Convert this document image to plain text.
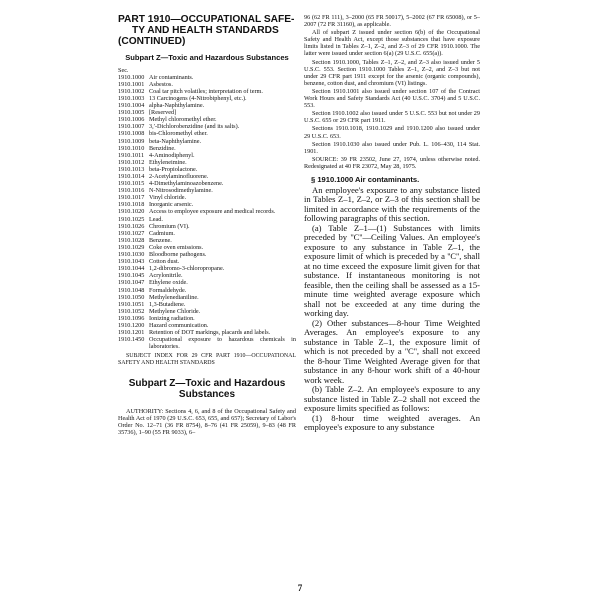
PART 1910—OCCUPATIONAL SAFE-
TY AND HEALTH STANDARDS
(CONTINUED)
Subpart Z—Toxic and Hazardous Substances

Sec.

1910.1000 Air contaminants.
1910.1001 Asbestos.
1910.1002 Coal tar pitch volatiles; interpretation of term.
1910.1003 13 Carcinogens (4-Nitrobiphenyl, etc.).
1910.1004 alpha-Naphthylamine.
1910.1005 [Reserved]
1910.1006 Methyl chloromethyl ether.
1910.1007 3,′-Dichlorobenzidine (and its salts).
1910.1008 bis-Chloromethyl ether.
1910.1009 beta-Naphthylamine.
1910.1010 Benzidine.
1910.1011 4-Aminodiphenyl.
1910.1012 Ethyleneimine.
1910.1013 beta-Propiolactone.
1910.1014 2-Acetylaminofluorene.
1910.1015 4-Dimethylaminoazobenzene.
1910.1016 N-Nitrosodimethylamine.
1910.1017 Vinyl chloride.
1910.1018 Inorganic arsenic.
1910.1020 Access to employee exposure and medical records.
1910.1025 Lead.
1910.1026 Chromium (VI).
1910.1027 Cadmium.
1910.1028 Benzene.
1910.1029 Coke oven emissions.
1910.1030 Bloodborne pathogens.
1910.1043 Cotton dust.
1910.1044 1,2-dibromo-3-chloropropane.
1910.1045 Acrylonitrile.
1910.1047 Ethylene oxide.
1910.1048 Formaldehyde.
1910.1050 Methylenedianiline.
1910.1051 1,3-Butadiene.
1910.1052 Methylene Chloride.
1910.1096 Ionizing radiation.
1910.1200 Hazard communication.
1910.1201 Retention of DOT markings, placards and labels.
1910.1450 Occupational exposure to hazardous chemicals in laboratories.

SUBJECT INDEX FOR 29 CFR PART 1910—OCCUPATIONAL SAFETY AND HEALTH STANDARDS

Subpart Z—Toxic and Hazardous Substances

AUTHORITY: Sections 4, 6, and 8 of the Occupational Safety and Health Act of 1970 (29 U.S.C. 653, 655, and 657); Secretary of Labor's Order No. 12–71 (36 FR 8754), 8–76 (41 FR 25059), 9–83 (48 FR 35736), 1–90 (55 FR 9033), 6–

96 (62 FR 111), 3–2000 (65 FR 50017), 5–2002 (67 FR 65008), or 5–2007 (72 FR 31160), as applicable.

All of subpart Z issued under section 6(b) of the Occupational Safety and Health Act, except those substances that have exposure limits listed in Tables Z–1, Z–2, and Z–3 of 29 CFR 1910.1000. The latter were issued under section 6(a) (29 U.S.C. 655(a)).

Section 1910.1000, Tables Z–1, Z–2, and Z–3 also issued under 5 U.S.C. 553. Section 1910.1000 Tables Z–1, Z–2, and Z–3 but not under 29 CFR part 1911 except for the arsenic (organic compounds), benzene, cotton dust, and chromium (VI) listings.

Section 1910.1001 also issued under section 107 of the Contract Work Hours and Safety Standards Act (40 U.S.C. 3704) and 5 U.S.C. 553.

Section 1910.1002 also issued under 5 U.S.C. 553 but not under 29 U.S.C. 655 or 29 CFR part 1911.

Sections 1910.1018, 1910.1029 and 1910.1200 also issued under 29 U.S.C. 653.

Section 1910.1030 also issued under Pub. L. 106–430, 114 Stat. 1901.

SOURCE: 39 FR 23502, June 27, 1974, unless otherwise noted. Redesignated at 40 FR 23072, May 28, 1975.

§ 1910.1000 Air contaminants.

An employee's exposure to any substance listed in Tables Z–1, Z–2, or Z–3 of this section shall be limited in accordance with the requirements of the following paragraphs of this section.

(a) Table Z–1—(1) Substances with limits preceded by ''C''—Ceiling Values. An employee's exposure to any substance in Table Z–1, the exposure limit of which is preceded by a ''C'', shall at no time exceed the exposure limit given for that substance. If instantaneous monitoring is not feasible, then the ceiling shall be assessed as a 15-minute time weighted average exposure which shall not be exceeded at any time during the working day.

(2) Other substances—8-hour Time Weighted Averages. An employee's exposure to any substance in Table Z–1, the exposure limit of which is not preceded by a ''C'', shall not exceed the 8-hour Time Weighted Average given for that substance in any 8-hour work shift of a 40-hour work week.

(b) Table Z–2. An employee's exposure to any substance listed in Table Z–2 shall not exceed the exposure limits specified as follows:

(1) 8-hour time weighted averages. An employee's exposure to any substance

7
